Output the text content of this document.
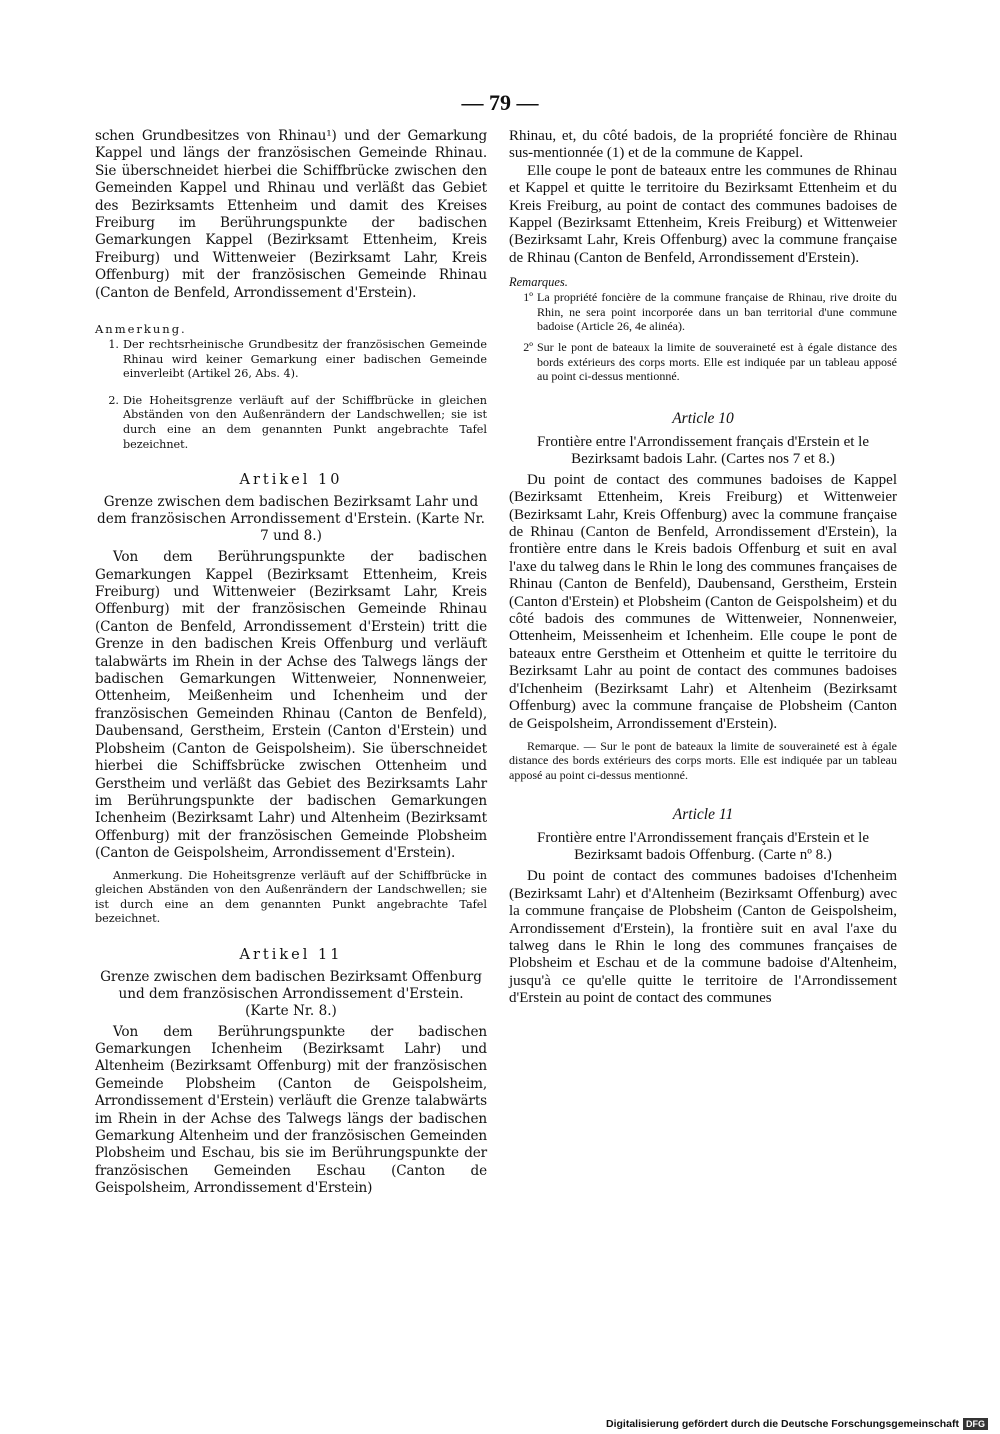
— 79 —

schen Grundbesitzes von Rhinau¹) und der Gemarkung Kappel und längs der französischen Gemeinde Rhinau. Sie überschneidet hierbei die Schiffbrücke zwischen den Gemeinden Kappel und Rhinau und verläßt das Gebiet des Bezirksamts Ettenheim und damit des Kreises Freiburg im Berührungspunkte der badischen Gemarkungen Kappel (Bezirksamt Ettenheim, Kreis Freiburg) und Wittenweier (Bezirksamt Lahr, Kreis Offenburg) mit der französischen Gemeinde Rhinau (Canton de Benfeld, Arrondissement d'Erstein).

Anmerkung.

1. Der rechtsrheinische Grundbesitz der französischen Gemeinde Rhinau wird keiner Gemarkung einer badischen Gemeinde einverleibt (Artikel 26, Abs. 4).
2. Die Hoheitsgrenze verläuft auf der Schiffbrücke in gleichen Abständen von den Außenrändern der Landschwellen; sie ist durch eine an dem genannten Punkt angebrachte Tafel bezeichnet.

Artikel 10

Grenze zwischen dem badischen Bezirksamt Lahr und dem französischen Arrondissement d'Erstein. (Karte Nr. 7 und 8.)

Von dem Berührungspunkte der badischen Gemarkungen Kappel (Bezirksamt Ettenheim, Kreis Freiburg) und Wittenweier (Bezirksamt Lahr, Kreis Offenburg) mit der französischen Gemeinde Rhinau (Canton de Benfeld, Arrondissement d'Erstein) tritt die Grenze in den badischen Kreis Offenburg und verläuft talabwärts im Rhein in der Achse des Talwegs längs der badischen Gemarkungen Wittenweier, Nonnenweier, Ottenheim, Meißenheim und Ichenheim und der französischen Gemeinden Rhinau (Canton de Benfeld), Daubensand, Gerstheim, Erstein (Canton d'Erstein) und Plobsheim (Canton de Geispolsheim). Sie überschneidet hierbei die Schiffsbrücke zwischen Ottenheim und Gerstheim und verläßt das Gebiet des Bezirksamts Lahr im Berührungspunkte der badischen Gemarkungen Ichenheim (Bezirksamt Lahr) und Altenheim (Bezirksamt Offenburg) mit der französischen Gemeinde Plobsheim (Canton de Geispolsheim, Arrondissement d'Erstein).

Anmerkung. Die Hoheitsgrenze verläuft auf der Schiffbrücke in gleichen Abständen von den Außenrändern der Landschwellen; sie ist durch eine an dem genannten Punkt angebrachte Tafel bezeichnet.

Artikel 11

Grenze zwischen dem badischen Bezirksamt Offenburg und dem französischen Arrondissement d'Erstein. (Karte Nr. 8.)

Von dem Berührungspunkte der badischen Gemarkungen Ichenheim (Bezirksamt Lahr) und Altenheim (Bezirksamt Offenburg) mit der französischen Gemeinde Plobsheim (Canton de Geispolsheim, Arrondissement d'Erstein) verläuft die Grenze talabwärts im Rhein in der Achse des Talwegs längs der badischen Gemarkung Altenheim und der französischen Gemeinden Plobsheim und Eschau, bis sie im Berührungspunkte der französischen Gemeinden Eschau (Canton de Geispolsheim, Arrondissement d'Erstein)

Rhinau, et, du côté badois, de la propriété foncière de Rhinau sus-mentionnée (1) et de la commune de Kappel.

Elle coupe le pont de bateaux entre les communes de Rhinau et Kappel et quitte le territoire du Bezirksamt Ettenheim et du Kreis Freiburg, au point de contact des communes badoises de Kappel (Bezirksamt Ettenheim, Kreis Freiburg) et Wittenweier (Bezirksamt Lahr, Kreis Offenburg) avec la commune française de Rhinau (Canton de Benfeld, Arrondissement d'Erstein).

Remarques.

1º La propriété foncière de la commune française de Rhinau, rive droite du Rhin, ne sera point incorporée dans un ban territorial d'une commune badoise (Article 26, 4e alinéa).
2º Sur le pont de bateaux la limite de souveraineté est à égale distance des bords extérieurs des corps morts. Elle est indiquée par un tableau apposé au point ci-dessus mentionné.

Article 10

Frontière entre l'Arrondissement français d'Erstein et le Bezirksamt badois Lahr. (Cartes nos 7 et 8.)

Du point de contact des communes badoises de Kappel (Bezirksamt Ettenheim, Kreis Freiburg) et Wittenweier (Bezirksamt Lahr, Kreis Offenburg) avec la commune française de Rhinau (Canton de Benfeld, Arrondissement d'Erstein), la frontière entre dans le Kreis badois Offenburg et suit en aval l'axe du talweg dans le Rhin le long des communes françaises de Rhinau (Canton de Benfeld), Daubensand, Gerstheim, Erstein (Canton d'Erstein) et Plobsheim (Canton de Geispolsheim) et du côté badois des communes de Wittenweier, Nonnenweier, Ottenheim, Meissenheim et Ichenheim. Elle coupe le pont de bateaux entre Gerstheim et Ottenheim et quitte le territoire du Bezirksamt Lahr au point de contact des communes badoises d'Ichenheim (Bezirksamt Lahr) et Altenheim (Bezirksamt Offenburg) avec la commune française de Plobsheim (Canton de Geispolsheim, Arrondissement d'Erstein).

Remarque. — Sur le pont de bateaux la limite de souveraineté est à égale distance des bords extérieurs des corps morts. Elle est indiquée par un tableau apposé au point ci-dessus mentionné.

Article 11

Frontière entre l'Arrondissement français d'Erstein et le Bezirksamt badois Offenburg. (Carte nº 8.)

Du point de contact des communes badoises d'Ichenheim (Bezirksamt Lahr) et d'Altenheim (Bezirksamt Offenburg) avec la commune française de Plobsheim (Canton de Geispolsheim, Arrondissement d'Erstein), la frontière suit en aval l'axe du talweg dans le Rhin le long des communes françaises de Plobsheim et Eschau et de la commune badoise d'Altenheim, jusqu'à ce qu'elle quitte le territoire de l'Arrondissement d'Erstein au point de contact des communes

Digitalisierung gefördert durch die Deutsche Forschungsgemeinschaft DFG
